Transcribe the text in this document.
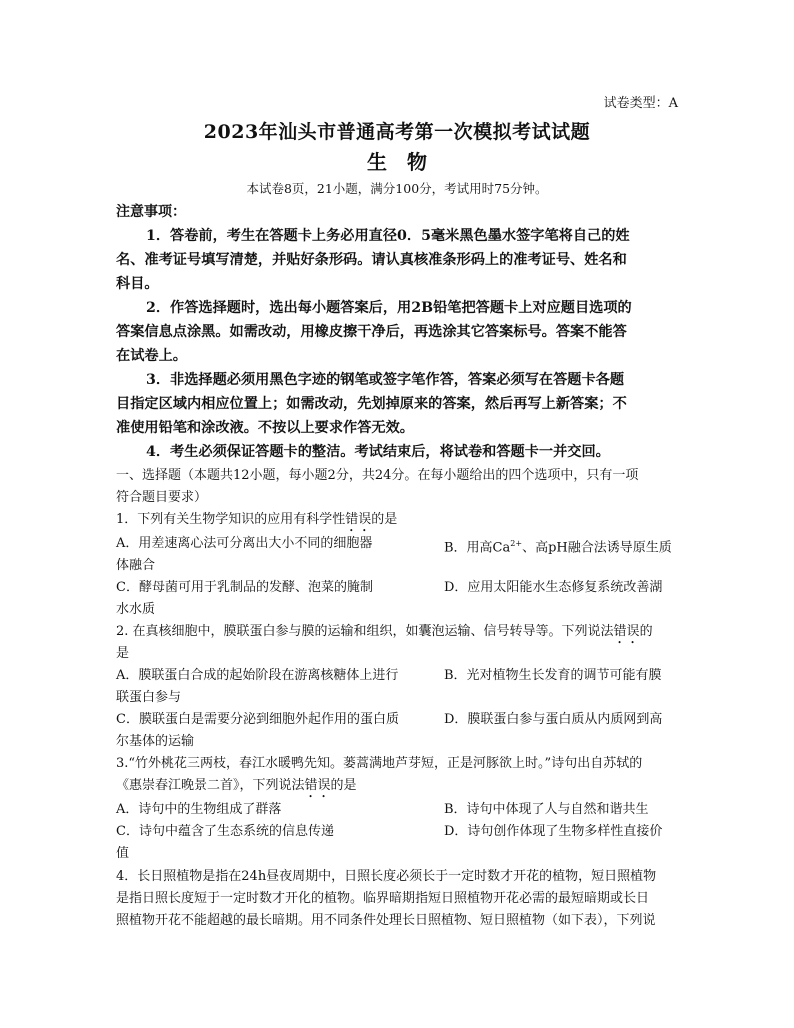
试卷类型：A
2023年汕头市普通高考第一次模拟考试试题
生 物
本试卷8页，21小题，满分100分，考试用时75分钟。
注意事项：
1．答卷前，考生在答题卡上务必用直径0．5毫米黑色墨水签字笔将自己的姓
名、准考证号填写清楚，并贴好条形码。请认真核准条形码上的准考证号、姓名和
科目。
2．作答选择题时，选出每小题答案后，用2B铅笔把答题卡上对应题目选项的
答案信息点涂黑。如需改动，用橡皮擦干净后，再选涂其它答案标号。答案不能答
在试卷上。
3．非选择题必须用黑色字迹的钢笔或签字笔作答，答案必须写在答题卡各题
目指定区域内相应位置上；如需改动，先划掉原来的答案，然后再写上新答案；不
准使用铅笔和涂改液。不按以上要求作答无效。
4．考生必须保证答题卡的整洁。考试结束后，将试卷和答题卡一并交回。
一、选择题（本题共12小题，每小题2分，共24分。在每小题给出的四个选项中，只有一项
符合题目要求）
1．下列有关生物学知识的应用有科学性错误的是
A．用差速离心法可分离出大小不同的细胞器	B．用高$Ca^{2+}$、高pH融合法诱导原生质
体融合
C．酵母菌可用于乳制品的发酵、泡菜的腌制	D．应用太阳能水生态修复系统改善湖
水水质
2. 在真核细胞中，膜联蛋白参与膜的运输和组织，如囊泡运输、信号转导等。下列说法错误的
是
A．膜联蛋白合成的起始阶段在游离核糖体上进行	B．光对植物生长发育的调节可能有膜
联蛋白参与
C．膜联蛋白是需要分泌到细胞外起作用的蛋白质	D．膜联蛋白参与蛋白质从内质网到高
尔基体的运输
3.“竹外桃花三两枝，春江水暖鸭先知。蒌蒿满地芦芽短，正是河豚欲上时。”诗句出自苏轼的
《惠崇春江晚景二首》，下列说法错误的是
A．诗句中的生物组成了群落	B．诗句中体现了人与自然和谐共生
C．诗句中蕴含了生态系统的信息传递	D．诗句创作体现了生物多样性直接价
值
4．长日照植物是指在24h昼夜周期中，日照长度必须长于一定时数才开花的植物，短日照植物
是指日照长度短于一定时数才开化的植物。临界暗期指短日照植物开花必需的最短暗期或长日
照植物开花不能超越的最长暗期。用不同条件处理长日照植物、短日照植物（如下表），下列说
